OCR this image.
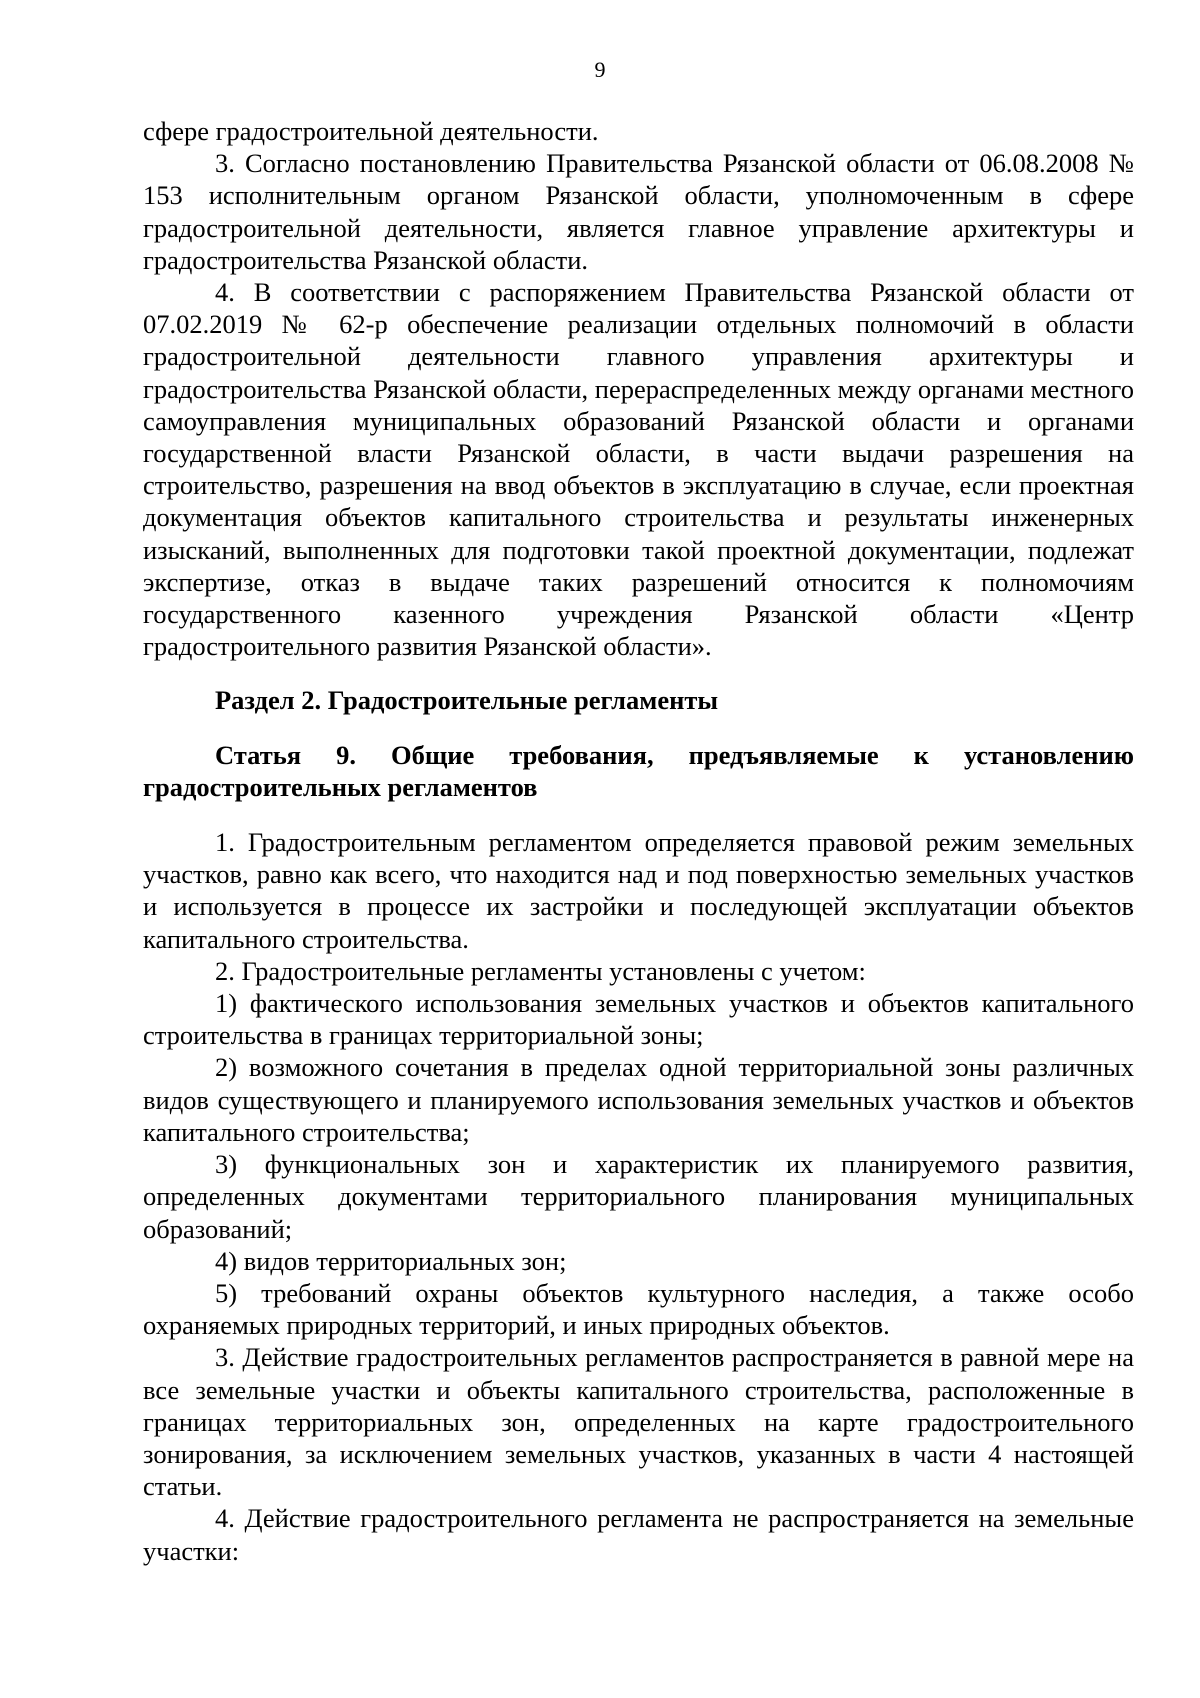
9

сфере градостроительной деятельности.

3. Согласно постановлению Правительства Рязанской области от 06.08.2008 № 153 исполнительным органом Рязанской области, уполномоченным в сфере градостроительной деятельности, является главное управление архитектуры и градостроительства Рязанской области.

4. В соответствии с распоряжением Правительства Рязанской области от 07.02.2019 № 62-р обеспечение реализации отдельных полномочий в области градостроительной деятельности главного управления архитектуры и градостроительства Рязанской области, перераспределенных между органами местного самоуправления муниципальных образований Рязанской области и органами государственной власти Рязанской области, в части выдачи разрешения на строительство, разрешения на ввод объектов в эксплуатацию в случае, если проектная документация объектов капитального строительства и результаты инженерных изысканий, выполненных для подготовки такой проектной документации, подлежат экспертизе, отказ в выдаче таких разрешений относится к полномочиям государственного казенного учреждения Рязанской области «Центр градостроительного развития Рязанской области».

Раздел 2. Градостроительные регламенты

Статья 9. Общие требования, предъявляемые к установлению градостроительных регламентов

1. Градостроительным регламентом определяется правовой режим земельных участков, равно как всего, что находится над и под поверхностью земельных участков и используется в процессе их застройки и последующей эксплуатации объектов капитального строительства.

2. Градостроительные регламенты установлены с учетом:

1) фактического использования земельных участков и объектов капитального строительства в границах территориальной зоны;

2) возможного сочетания в пределах одной территориальной зоны различных видов существующего и планируемого использования земельных участков и объектов капитального строительства;

3) функциональных зон и характеристик их планируемого развития, определенных документами территориального планирования муниципальных образований;

4) видов территориальных зон;

5) требований охраны объектов культурного наследия, а также особо охраняемых природных территорий, и иных природных объектов.

3. Действие градостроительных регламентов распространяется в равной мере на все земельные участки и объекты капитального строительства, расположенные в границах территориальных зон, определенных на карте градостроительного зонирования, за исключением земельных участков, указанных в части 4 настоящей статьи.

4. Действие градостроительного регламента не распространяется на земельные участки:
